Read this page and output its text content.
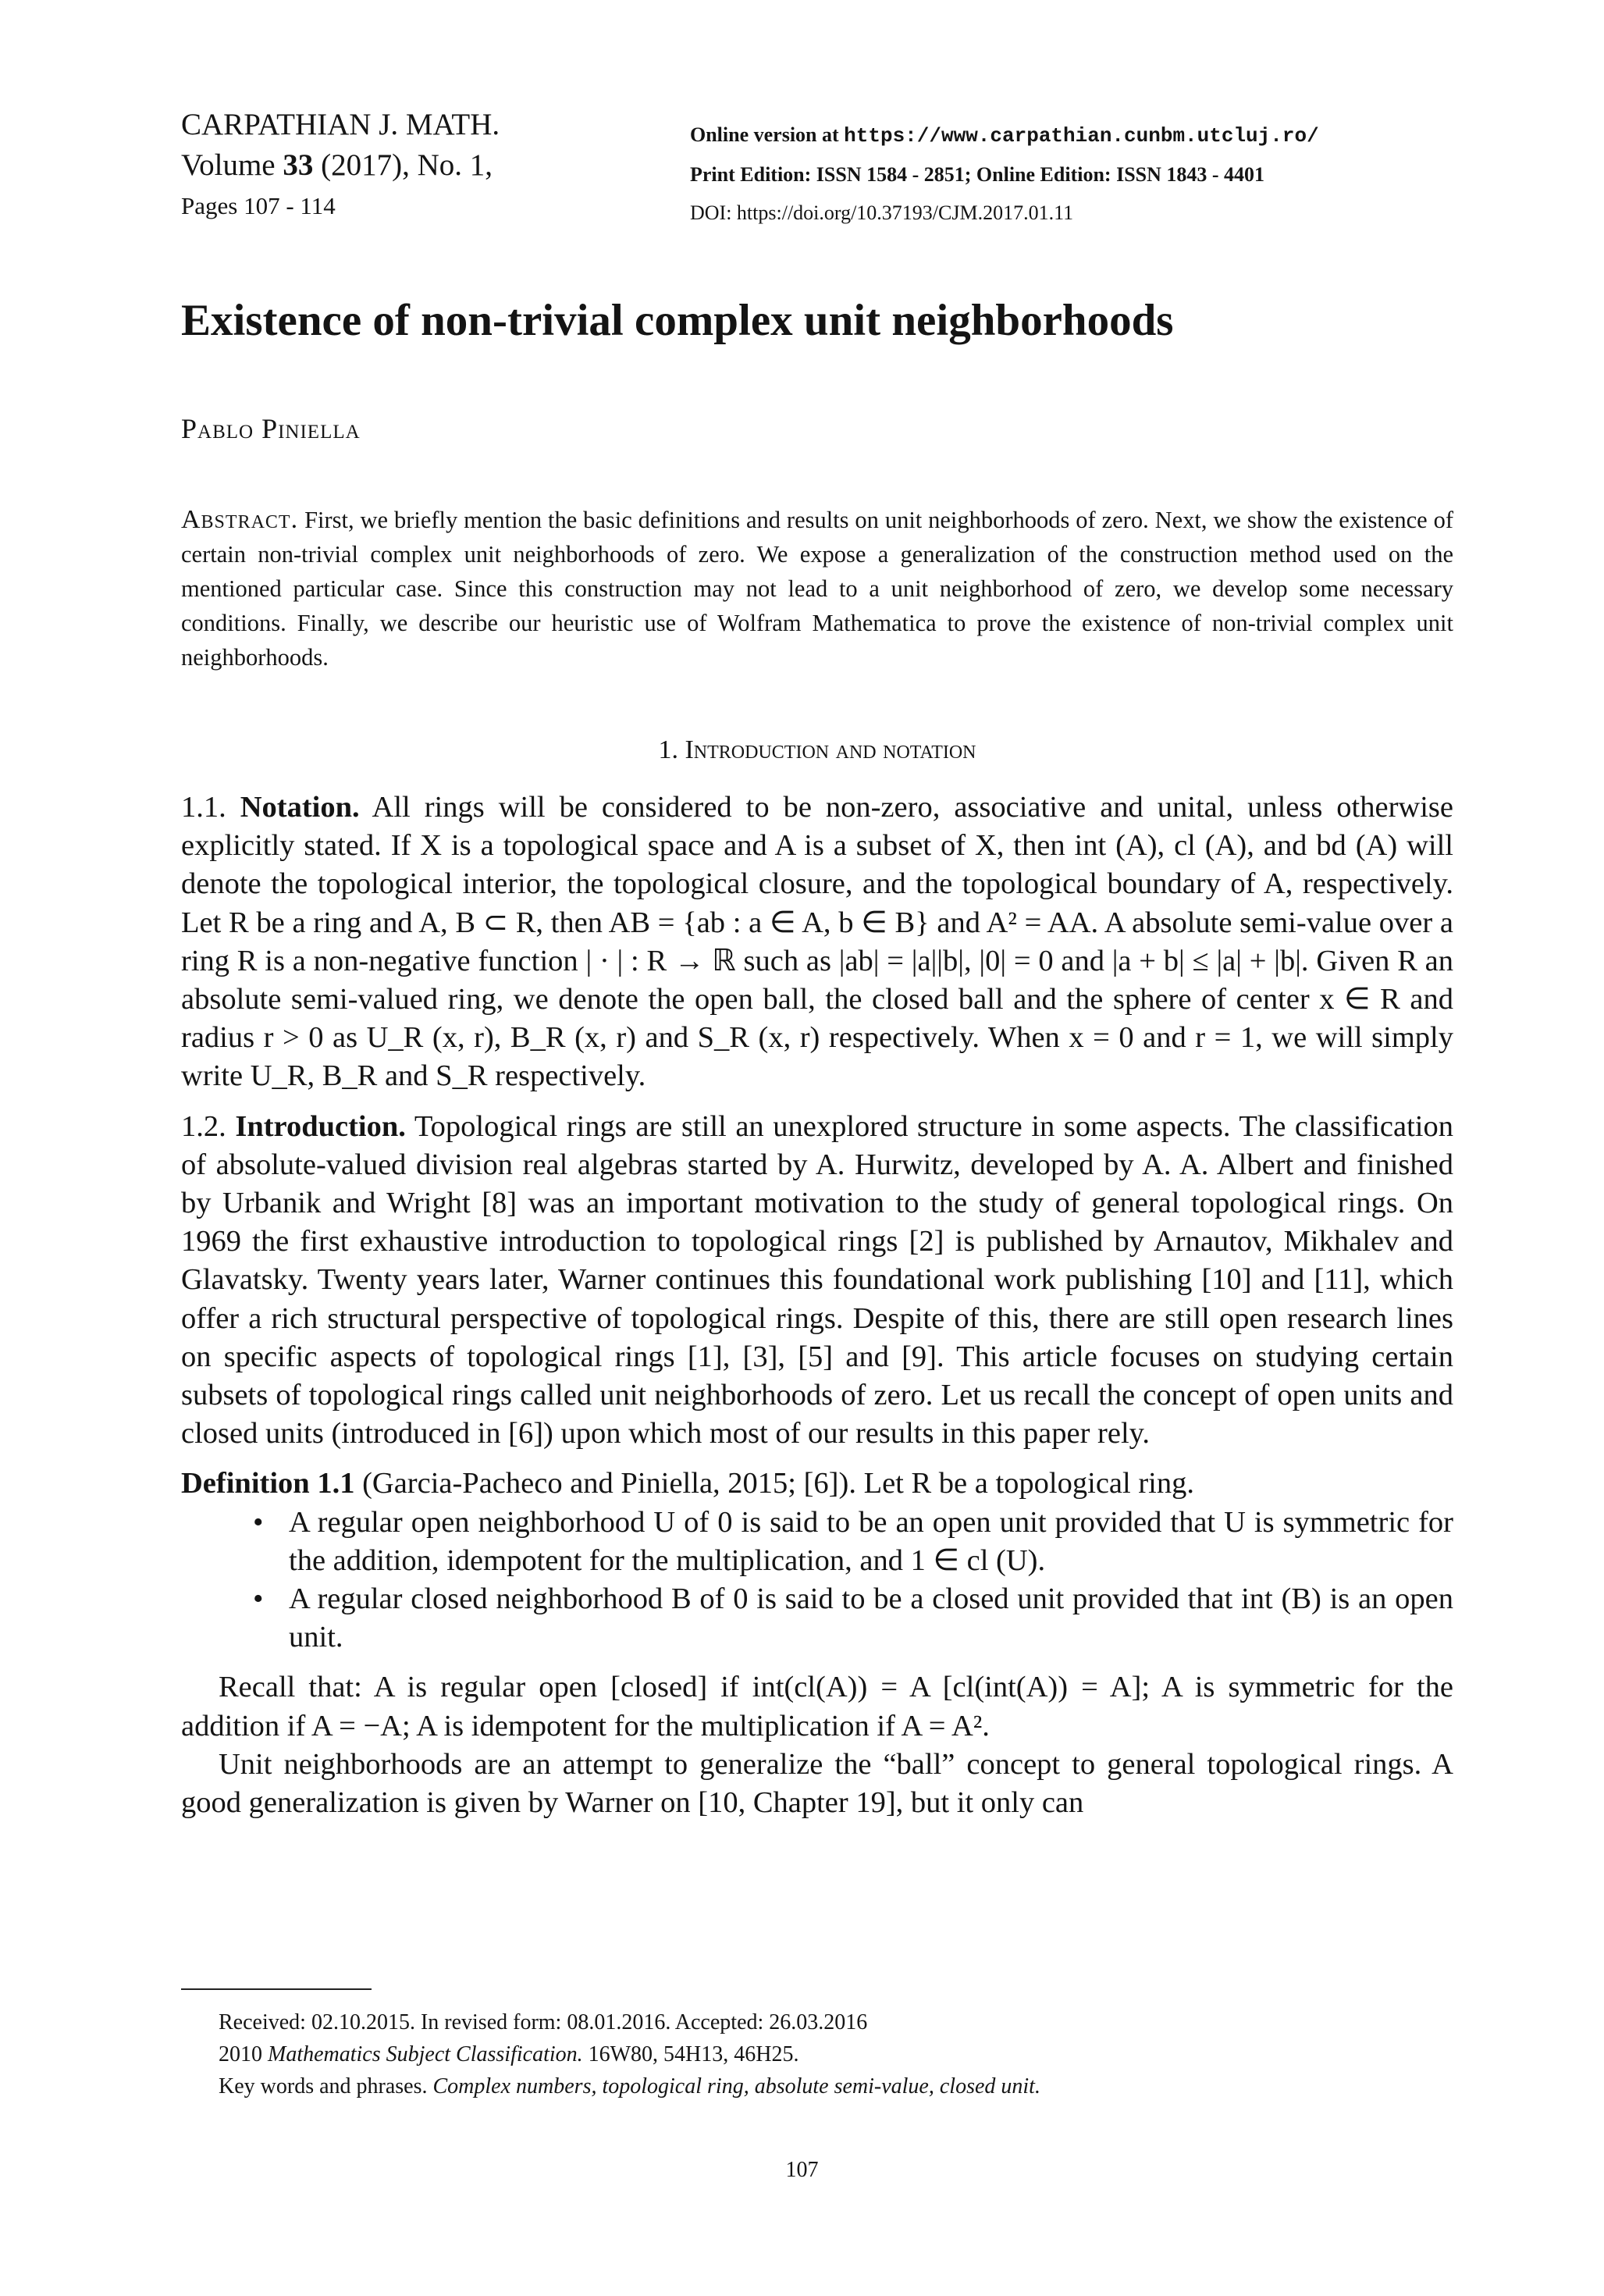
CARPATHIAN J. MATH.
Volume 33 (2017), No. 1,
Pages 107 - 114
Online version at https://www.carpathian.cunbm.utcluj.ro/
Print Edition: ISSN 1584 - 2851; Online Edition: ISSN 1843 - 4401
DOI: https://doi.org/10.37193/CJM.2017.01.11
Existence of non-trivial complex unit neighborhoods
Pablo Piniella
Abstract. First, we briefly mention the basic definitions and results on unit neighborhoods of zero. Next, we show the existence of certain non-trivial complex unit neighborhoods of zero. We expose a generalization of the construction method used on the mentioned particular case. Since this construction may not lead to a unit neighborhood of zero, we develop some necessary conditions. Finally, we describe our heuristic use of Wolfram Mathematica to prove the existence of non-trivial complex unit neighborhoods.
1. Introduction and notation

1.1. Notation. All rings will be considered to be non-zero, associative and unital, unless otherwise explicitly stated. If X is a topological space and A is a subset of X, then int (A), cl (A), and bd (A) will denote the topological interior, the topological closure, and the topological boundary of A, respectively. Let R be a ring and A, B ⊂ R, then AB = {ab : a ∈ A, b ∈ B} and A² = AA. A absolute semi-value over a ring R is a non-negative function | · | : R → ℝ such as |ab| = |a||b|, |0| = 0 and |a + b| ≤ |a| + |b|. Given R an absolute semi-valued ring, we denote the open ball, the closed ball and the sphere of center x ∈ R and radius r > 0 as U_R (x, r), B_R (x, r) and S_R (x, r) respectively. When x = 0 and r = 1, we will simply write U_R, B_R and S_R respectively.

1.2. Introduction. Topological rings are still an unexplored structure in some aspects. The classification of absolute-valued division real algebras started by A. Hurwitz, developed by A. A. Albert and finished by Urbanik and Wright [8] was an important motivation to the study of general topological rings. On 1969 the first exhaustive introduction to topological rings [2] is published by Arnautov, Mikhalev and Glavatsky. Twenty years later, Warner continues this foundational work publishing [10] and [11], which offer a rich structural perspective of topological rings. Despite of this, there are still open research lines on specific aspects of topological rings [1], [3], [5] and [9]. This article focuses on studying certain subsets of topological rings called unit neighborhoods of zero. Let us recall the concept of open units and closed units (introduced in [6]) upon which most of our results in this paper rely.

Definition 1.1 (Garcia-Pacheco and Piniella, 2015; [6]). Let R be a topological ring.
• A regular open neighborhood U of 0 is said to be an open unit provided that U is symmetric for the addition, idempotent for the multiplication, and 1 ∈ cl (U).
• A regular closed neighborhood B of 0 is said to be a closed unit provided that int (B) is an open unit.

Recall that: A is regular open [closed] if int(cl(A)) = A [cl(int(A)) = A]; A is symmetric for the addition if A = −A; A is idempotent for the multiplication if A = A².

Unit neighborhoods are an attempt to generalize the “ball” concept to general topological rings. A good generalization is given by Warner on [10, Chapter 19], but it only can

Received: 02.10.2015. In revised form: 08.01.2016. Accepted: 26.03.2016
2010 Mathematics Subject Classification. 16W80, 54H13, 46H25.
Key words and phrases. Complex numbers, topological ring, absolute semi-value, closed unit.
107
